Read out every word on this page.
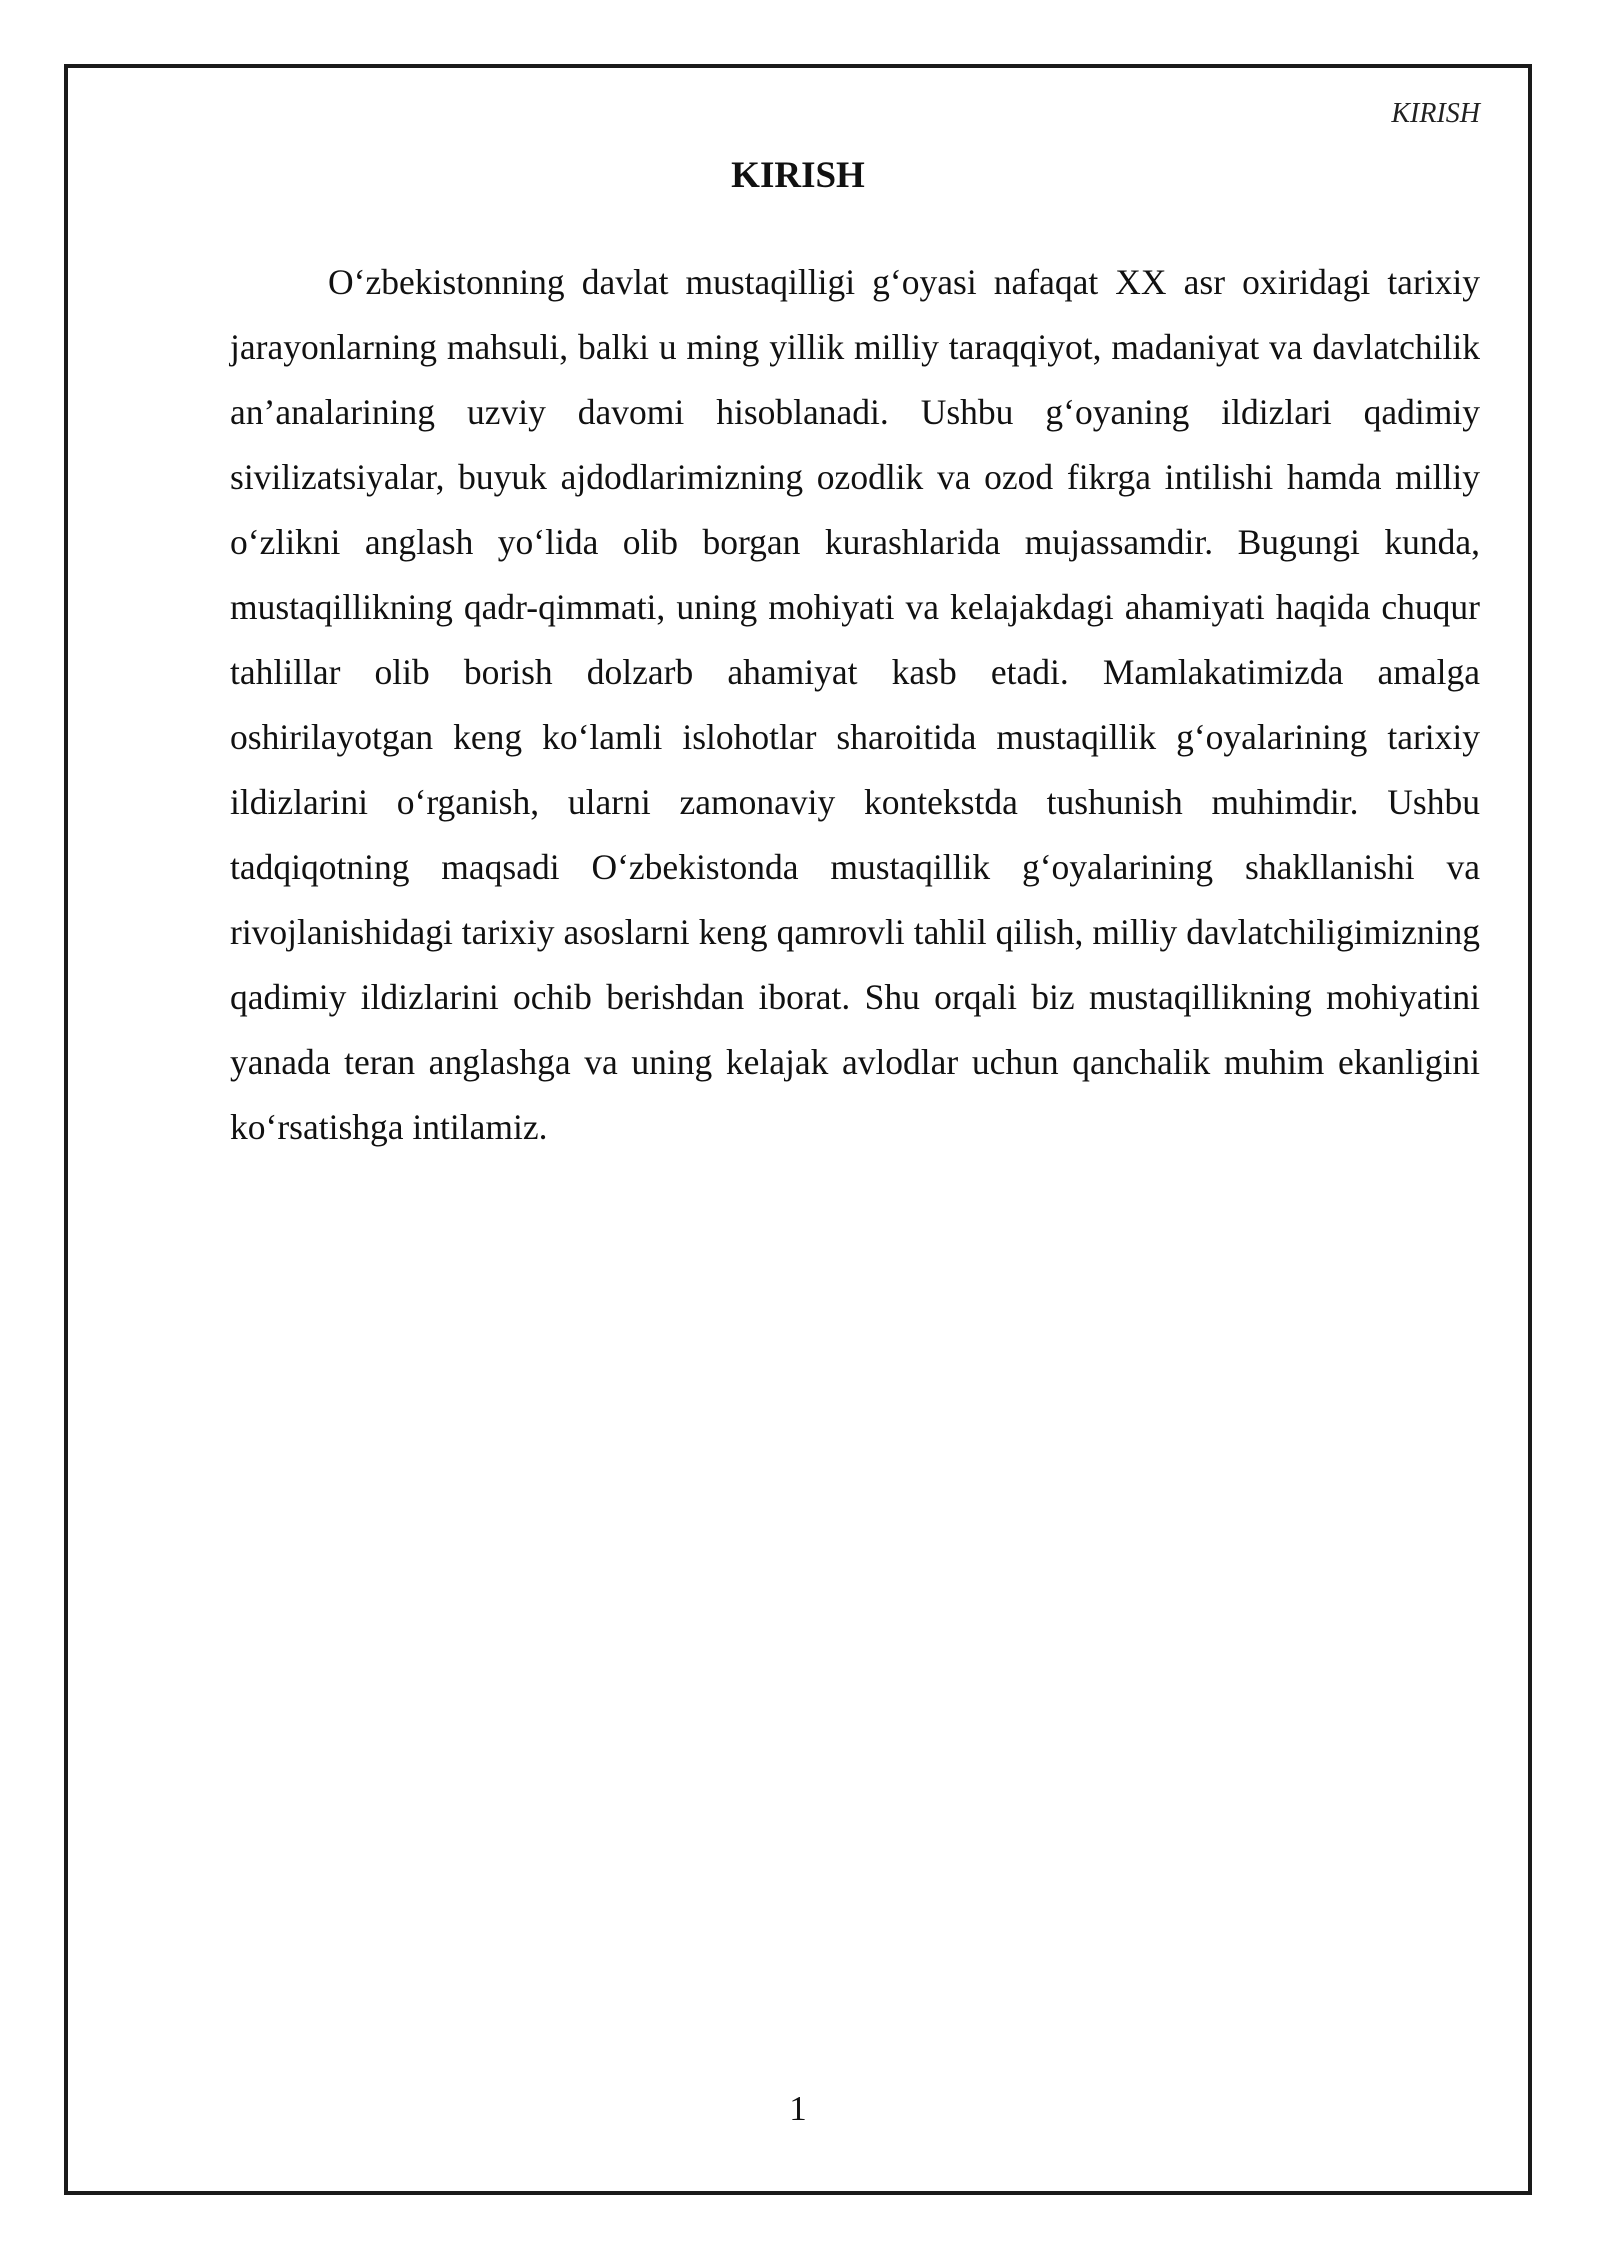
KIRISH
KIRISH

O‘zbekistonning davlat mustaqilligi g‘oyasi nafaqat XX asr oxiridagi tarixiy jarayonlarning mahsuli, balki u ming yillik milliy taraqqiyot, madaniyat va davlatchilik an’analarining uzviy davomi hisoblanadi. Ushbu g‘oyaning ildizlari qadimiy sivilizatsiyalar, buyuk ajdodlarimizning ozodlik va ozod fikrga intilishi hamda milliy o‘zlikni anglash yo‘lida olib borgan kurashlarida mujassamdir. Bugungi kunda, mustaqillikning qadr-qimmati, uning mohiyati va kelajakdagi ahamiyati haqida chuqur tahlillar olib borish dolzarb ahamiyat kasb etadi. Mamlakatimizda amalga oshirilayotgan keng ko‘lamli islohotlar sharoitida mustaqillik g‘oyalarining tarixiy ildizlarini o‘rganish, ularni zamonaviy kontekstda tushunish muhimdir. Ushbu tadqiqotning maqsadi O‘zbekistonda mustaqillik g‘oyalarining shakllanishi va rivojlanishidagi tarixiy asoslarni keng qamrovli tahlil qilish, milliy davlatchiligimizning qadimiy ildizlarini ochib berishdan iborat. Shu orqali biz mustaqillikning mohiyatini yanada teran anglashga va uning kelajak avlodlar uchun qanchalik muhim ekanligini ko‘rsatishga intilamiz.

1
